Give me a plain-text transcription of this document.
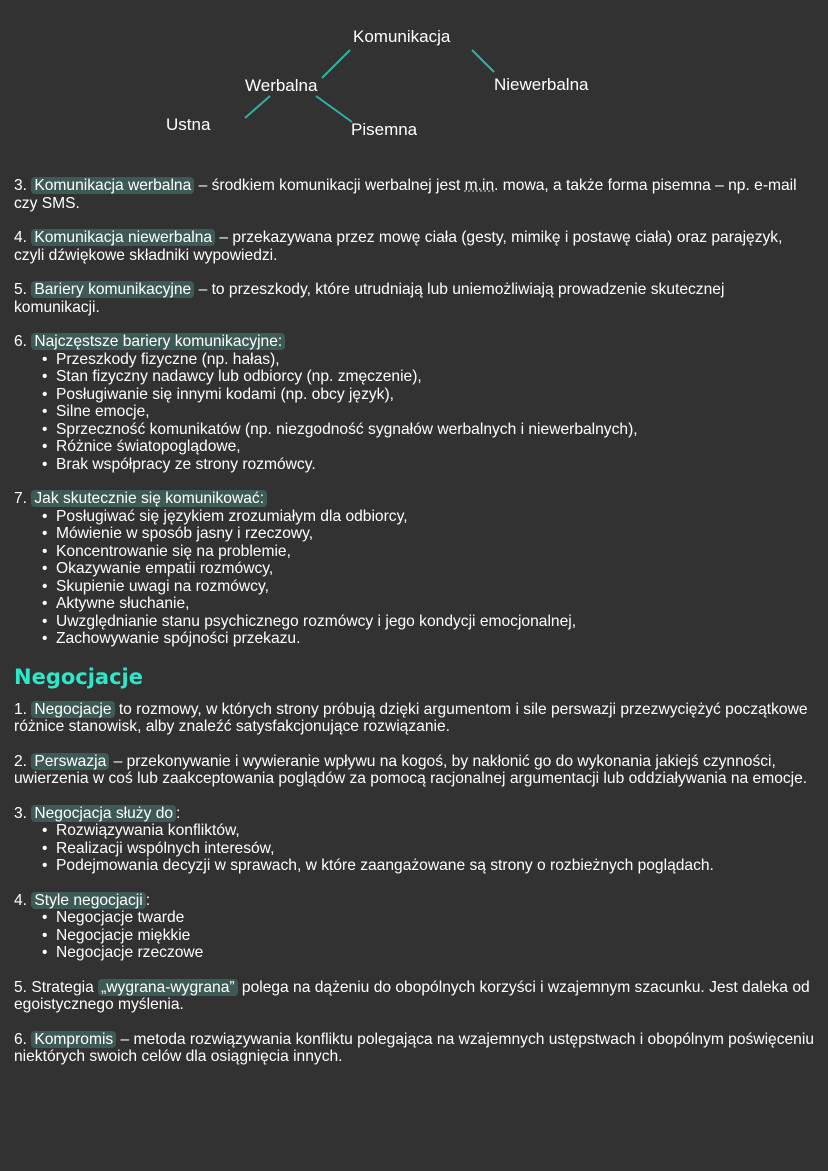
Komunikacja
Werbalna	Niewerbalna
Ustna	Pisemna

3. Komunikacja werbalna – środkiem komunikacji werbalnej jest m.in. mowa, a także forma pisemna – np. e-mail czy SMS.

4. Komunikacja niewerbalna – przekazywana przez mowę ciała (gesty, mimikę i postawę ciała) oraz parajęzyk, czyli dźwiękowe składniki wypowiedzi.

5. Bariery komunikacyjne – to przeszkody, które utrudniają lub uniemożliwiają prowadzenie skutecznej komunikacji.

6. Najczęstsze bariery komunikacyjne:

• Przeszkody fizyczne (np. hałas),
• Stan fizyczny nadawcy lub odbiorcy (np. zmęczenie),
• Posługiwanie się innymi kodami (np. obcy język),
• Silne emocje,
• Sprzeczność komunikatów (np. niezgodność sygnałów werbalnych i niewerbalnych),
• Różnice światopoglądowe,
• Brak współpracy ze strony rozmówcy.

7. Jak skutecznie się komunikować:

• Posługiwać się językiem zrozumiałym dla odbiorcy,
• Mówienie w sposób jasny i rzeczowy,
• Koncentrowanie się na problemie,
• Okazywanie empatii rozmówcy,
• Skupienie uwagi na rozmówcy,
• Aktywne słuchanie,
• Uwzględnianie stanu psychicznego rozmówcy i jego kondycji emocjonalnej,
• Zachowywanie spójności przekazu.
Negocjacje

1. Negocjacje to rozmowy, w których strony próbują dzięki argumentom i sile perswazji przezwyciężyć początkowe różnice stanowisk, alby znaleźć satysfakcjonujące rozwiązanie.

2. Perswazja – przekonywanie i wywieranie wpływu na kogoś, by nakłonić go do wykonania jakiejś czynności, uwierzenia w coś lub zaakceptowania poglądów za pomocą racjonalnej argumentacji lub oddziaływania na emocje.

3. Negocjacja służy do :

• Rozwiązywania konfliktów,
• Realizacji wspólnych interesów,
• Podejmowania decyzji w sprawach, w które zaangażowane są strony o rozbieżnych poglądach.

4. Style negocjacji :

• Negocjacje twarde
• Negocjacje miękkie
• Negocjacje rzeczowe

5. Strategia „wygrana-wygrana” polega na dążeniu do obopólnych korzyści i wzajemnym szacunku. Jest daleka od egoistycznego myślenia.

6. Kompromis – metoda rozwiązywania konfliktu polegająca na wzajemnych ustępstwach i obopólnym poświęceniu niektórych swoich celów dla osiągnięcia innych.
